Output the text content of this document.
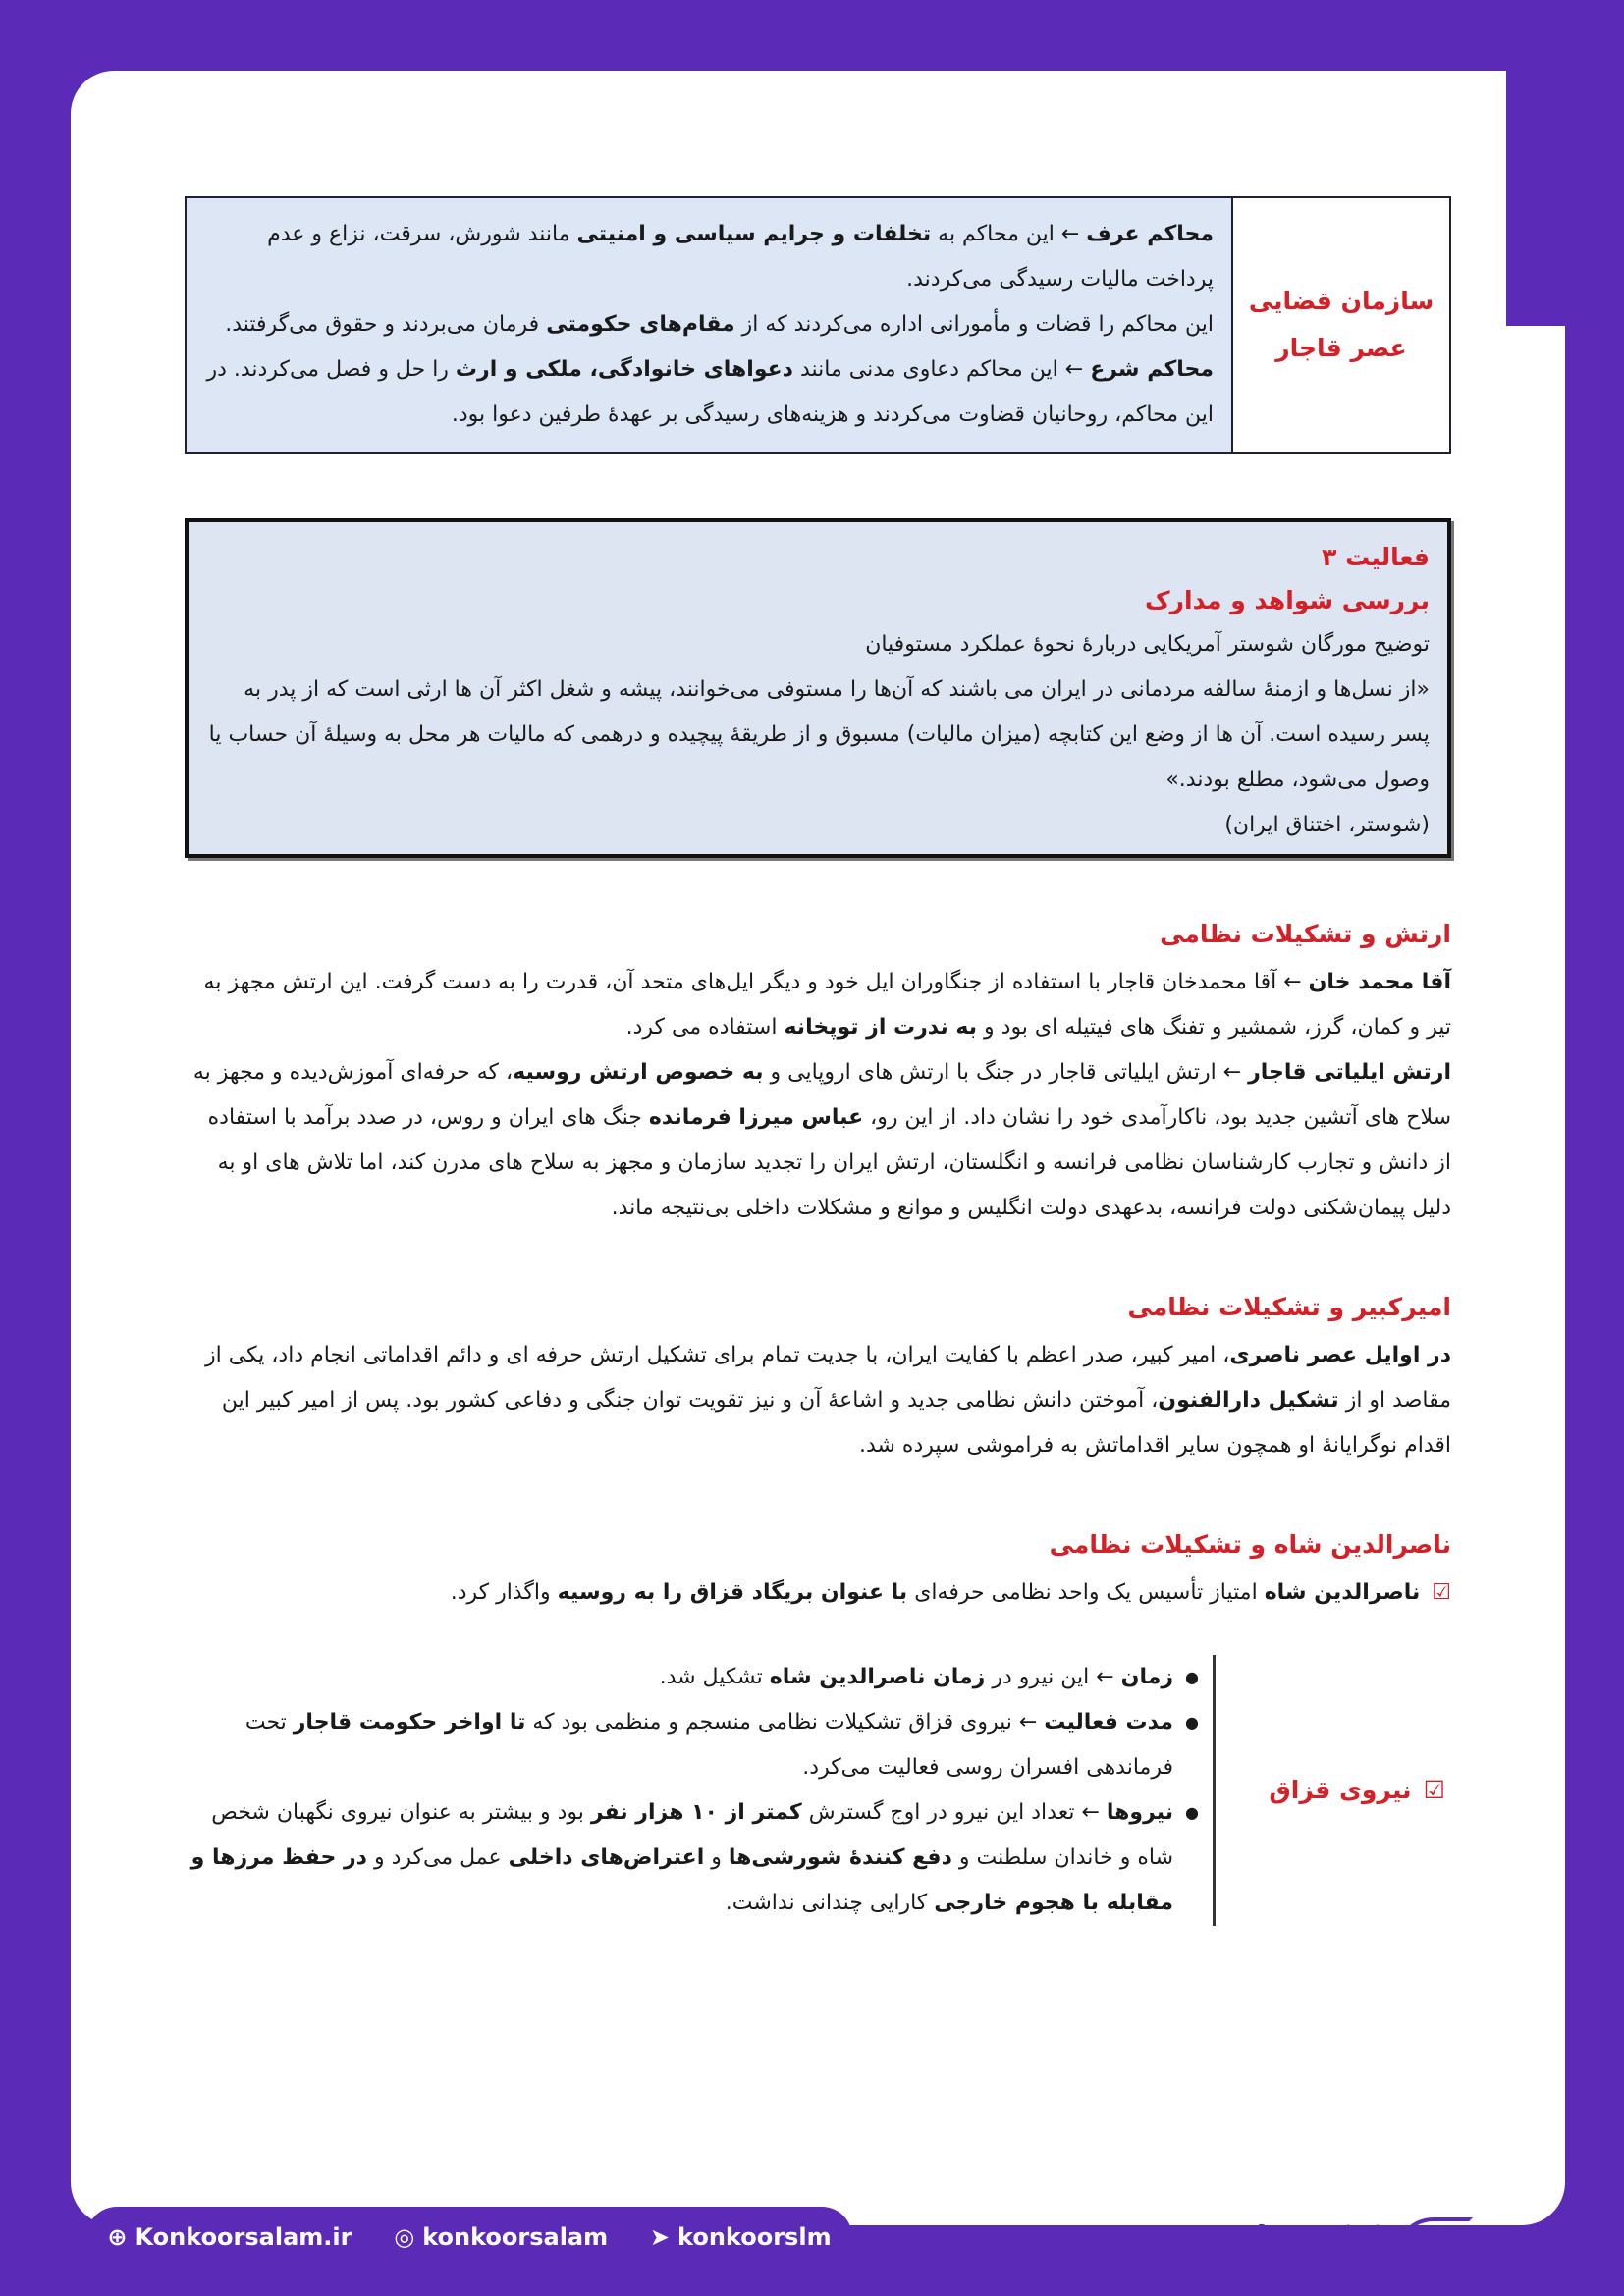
سازمان قضایی
عصر قاجار

محاکم عرف ← این محاکم به تخلفات و جرایم سیاسی و امنیتی مانند شورش، سرقت، نزاع و عدم پرداخت مالیات رسیدگی می‌کردند.

این محاکم را قضات و مأمورانی اداره می‌کردند که از مقام‌های حکومتی فرمان می‌بردند و حقوق می‌گرفتند.

محاکم شرع ← این محاکم دعاوی مدنی مانند دعواهای خانوادگی، ملکی و ارث را حل و فصل می‌کردند. در این محاکم، روحانیان قضاوت می‌کردند و هزینه‌های رسیدگی بر عهدهٔ طرفین دعوا بود.

فعالیت ۳
بررسی شواهد و مدارک

توضیح مورگان شوستر آمریکایی دربارهٔ نحوهٔ عملکرد مستوفیان

«از نسل‌ها و ازمنهٔ سالفه مردمانی در ایران می باشند که آن‌ها را مستوفی می‌خوانند، پیشه و شغل اکثر آن ها ارثی است که از پدر به پسر رسیده است. آن ها از وضع این کتابچه (میزان مالیات) مسبوق و از طریقهٔ پیچیده و درهمی که مالیات هر محل به وسیلهٔ آن حساب یا وصول می‌شود، مطلع بودند.»

(شوستر، اختناق ایران)

ارتش و تشکیلات نظامی

آقا محمد خان ← آقا محمدخان قاجار با استفاده از جنگاوران ایل خود و دیگر ایل‌های متحد آن، قدرت را به دست گرفت. این ارتش مجهز به تیر و کمان، گرز، شمشیر و تفنگ های فیتیله ای بود و به ندرت از توپخانه استفاده می کرد.

ارتش ایلیاتی قاجار ← ارتش ایلیاتی قاجار در جنگ با ارتش های اروپایی و به خصوص ارتش روسیه، که حرفه‌ای آموزش‌دیده و مجهز به سلاح های آتشین جدید بود، ناکارآمدی خود را نشان داد. از این رو، عباس میرزا فرمانده جنگ های ایران و روس، در صدد برآمد با استفاده از دانش و تجارب کارشناسان نظامی فرانسه و انگلستان، ارتش ایران را تجدید سازمان و مجهز به سلاح های مدرن کند، اما تلاش های او به دلیل پیمان‌شکنی دولت فرانسه، بدعهدی دولت انگلیس و موانع و مشکلات داخلی بی‌نتیجه ماند.

امیرکبیر و تشکیلات نظامی

در اوایل عصر ناصری، امیر کبیر، صدر اعظم با کفایت ایران، با جدیت تمام برای تشکیل ارتش حرفه ای و دائم اقداماتی انجام داد، یکی از مقاصد او از تشکیل دارالفنون، آموختن دانش نظامی جدید و اشاعهٔ آن و نیز تقویت توان جنگی و دفاعی کشور بود. پس از امیر کبیر این اقدام نوگرایانهٔ او همچون سایر اقداماتش به فراموشی سپرده شد.

ناصرالدین شاه و تشکیلات نظامی
☑

ناصرالدین شاه امتیاز تأسیس یک واحد نظامی حرفه‌ای با عنوان بریگاد قزاق را به روسیه واگذار کرد.

☑
نیروی قزاق
● زمان ← این نیرو در زمان ناصرالدین شاه تشکیل شد.
● مدت فعالیت ← نیروی قزاق تشکیلات نظامی منسجم و منظمی بود که تا اواخر حکومت قاجار تحت فرماندهی افسران روسی فعالیت می‌کرد.
● نیروها ← تعداد این نیرو در اوج گسترش کمتر از ۱۰ هزار نفر بود و بیشتر به عنوان نیروی نگهبان شخص شاه و خاندان سلطنت و دفع کنندهٔ شورشی‌ها و اعتراض‌های داخلی عمل می‌کرد و در حفظ مرزها و مقابله با هجوم خارجی کارایی چندانی نداشت.
⊕ Konkoorsalam.ir ◎ konkoorsalam ➤ konkoorslm	کنکورسلام
مدرسه علاقه‌مندان فرهنگیان
